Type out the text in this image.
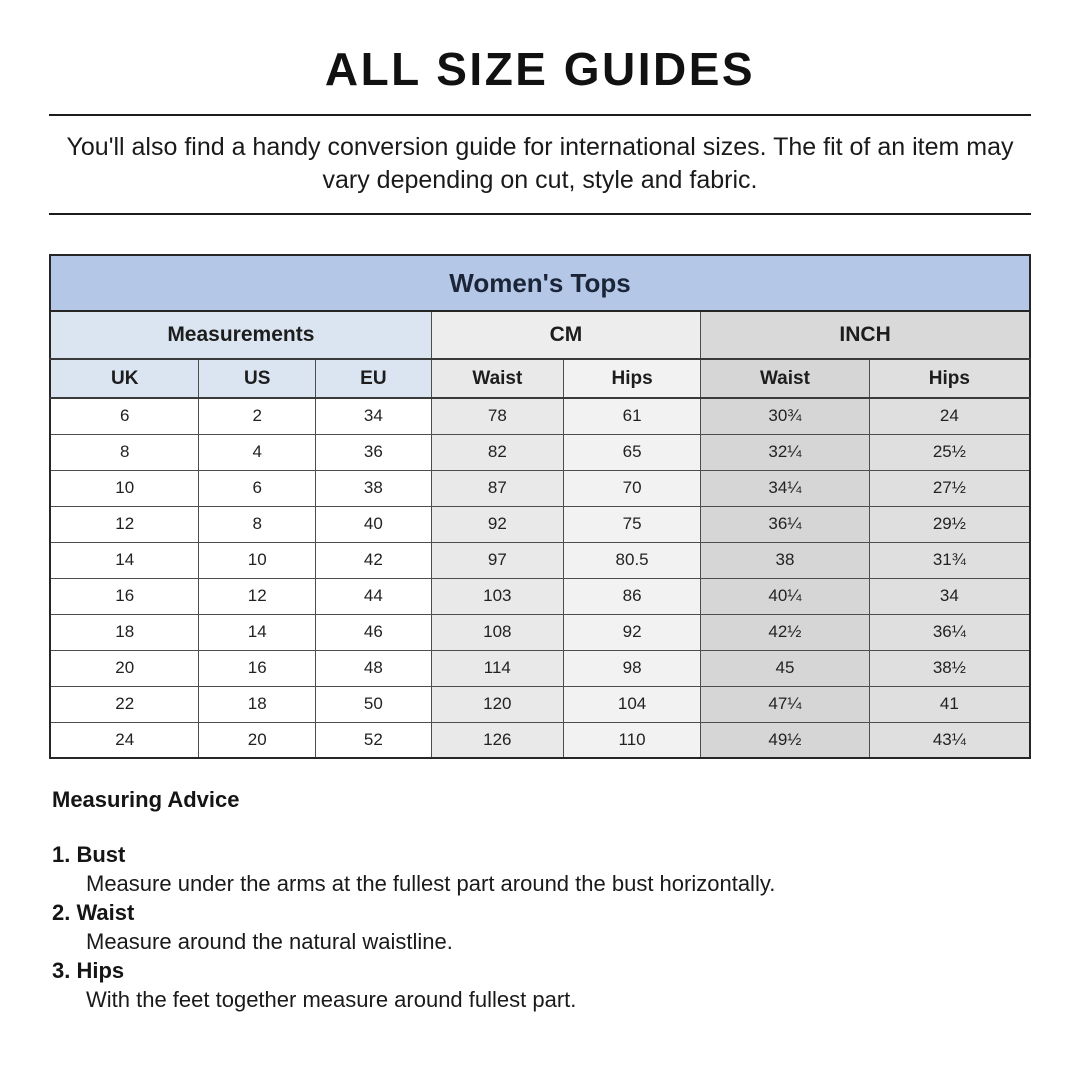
ALL SIZE GUIDES

You'll also find a handy conversion guide for international sizes. The fit of an item may vary depending on cut, style and fabric.

Women's Tops						
Measurements			CM		INCH	
UK	US	EU	Waist	Hips	Waist	Hips
6	2	34	78	61	30¾	24
8	4	36	82	65	32¼	25½
10	6	38	87	70	34¼	27½
12	8	40	92	75	36¼	29½
14	10	42	97	80.5	38	31¾
16	12	44	103	86	40¼	34
18	14	46	108	92	42½	36¼
20	16	48	114	98	45	38½
22	18	50	120	104	47¼	41
24	20	52	126	110	49½	43¼

Measuring Advice

1. Bust
Measure under the arms at the fullest part around the bust horizontally.
2. Waist
Measure around the natural waistline.
3. Hips
With the feet together measure around fullest part.
